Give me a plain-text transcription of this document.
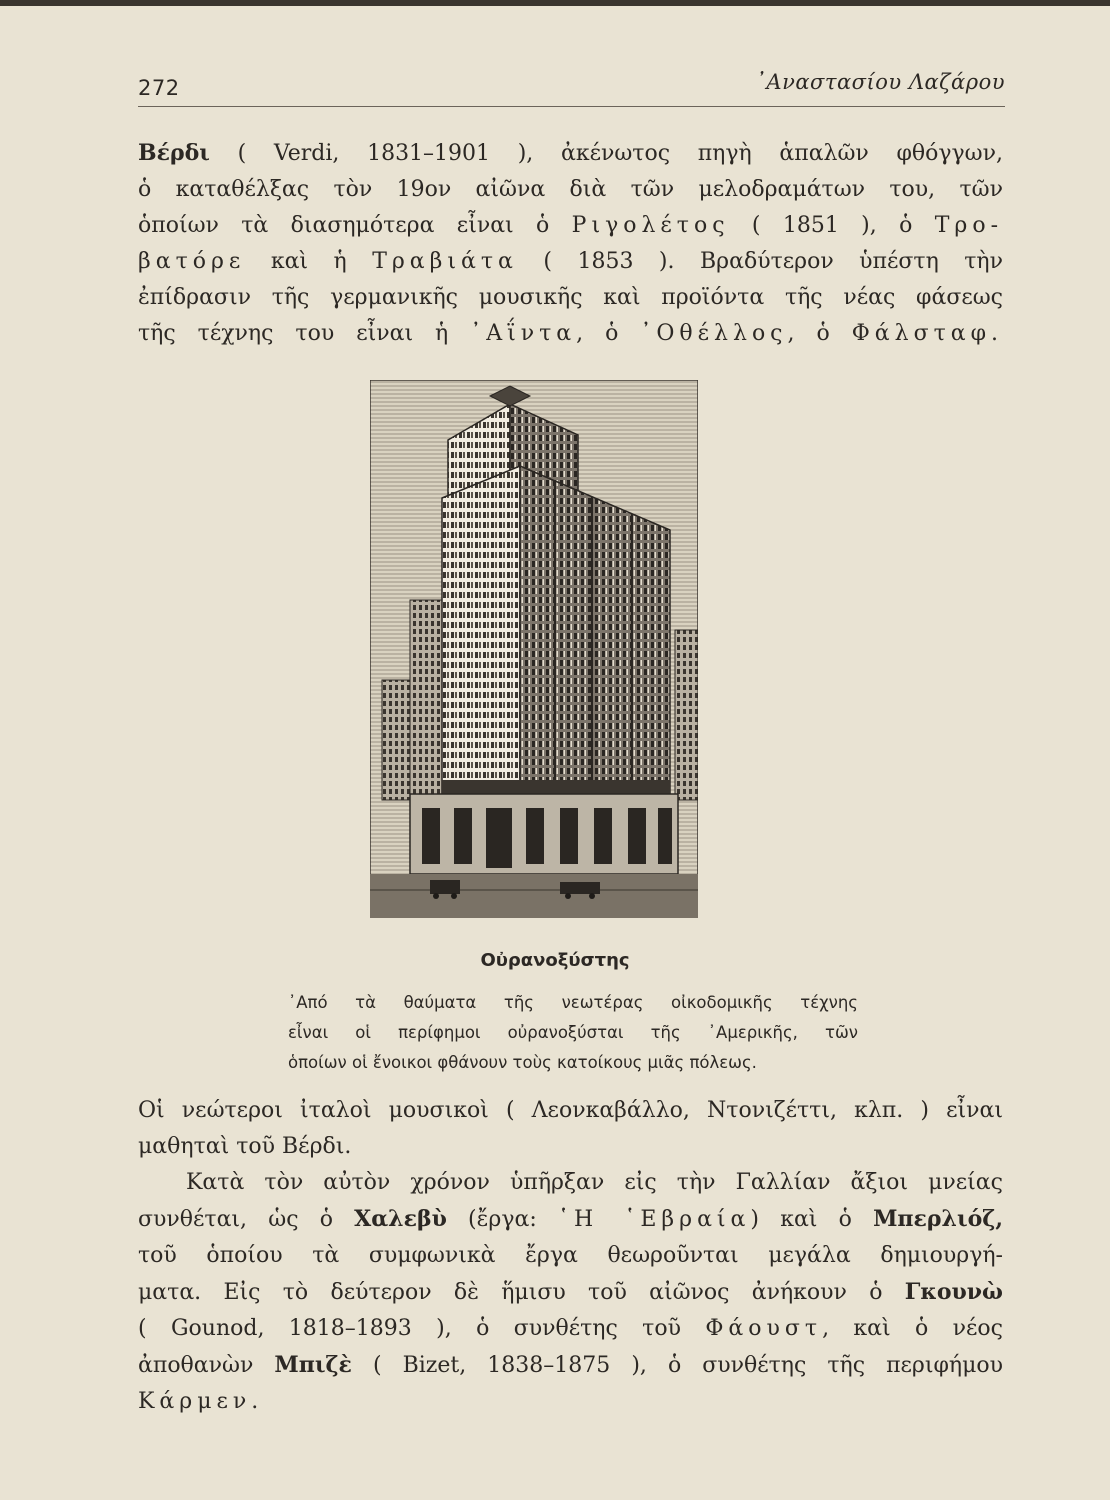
272	᾿Αναστασίου Λαζάρου
Βέρδι ( Verdi, 1831–1901 ), ἀκένωτος πηγὴ ἁπαλῶν φθόγγων,
ὁ καταθέλξας τὸν 19ον αἰῶνα διὰ τῶν μελοδραμάτων του, τῶν
ὁποίων τὰ διασημότερα εἶναι ὁ Ριγολέτος ( 1851 ), ὁ Τρο-
βατόρε καὶ ἡ Τραβιάτα ( 1853 ). Βραδύτερον ὑπέστη τὴν
ἐπίδρασιν τῆς γερμανικῆς μουσικῆς καὶ προϊόντα τῆς νέας φάσεως
τῆς τέχνης του εἶναι ἡ ᾿Αΐντα, ὁ ᾿Οθέλλος, ὁ Φάλσταφ.
Οὐρανοξύστης
᾿Από τὰ θαύματα τῆς νεωτέρας οἰκοδομικῆς τέχνης
εἶναι οἱ περίφημοι οὐρανοξύσται τῆς ᾿Αμερικῆς, τῶν
ὁποίων οἱ ἔνοικοι φθάνουν τοὺς κατοίκους μιᾶς πόλεως.
Οἱ νεώτεροι ἰταλοὶ μουσικοὶ ( Λεονκαβάλλο, Ντονιζέττι, κλπ. ) εἶναι
μαθηταὶ τοῦ Βέρδι.
Κατὰ τὸν αὐτὸν χρόνον ὑπῆρξαν εἰς τὴν Γαλλίαν ἄξιοι μνείας
συνθέται, ὡς ὁ Χαλεβὺ (ἔργα: ῾Η ῾Εβραία) καὶ ὁ Μπερλιόζ,
τοῦ ὁποίου τὰ συμφωνικὰ ἔργα θεωροῦνται μεγάλα δημιουργή-
ματα. Εἰς τὸ δεύτερον δὲ ἥμισυ τοῦ αἰῶνος ἀνήκουν ὁ Γκουνὼ
( Gounod, 1818–1893 ), ὁ συνθέτης τοῦ Φάουστ, καὶ ὁ νέος
ἀποθανὼν Μπιζὲ ( Bizet, 1838–1875 ), ὁ συνθέτης τῆς περιφήμου
Κάρμεν.
